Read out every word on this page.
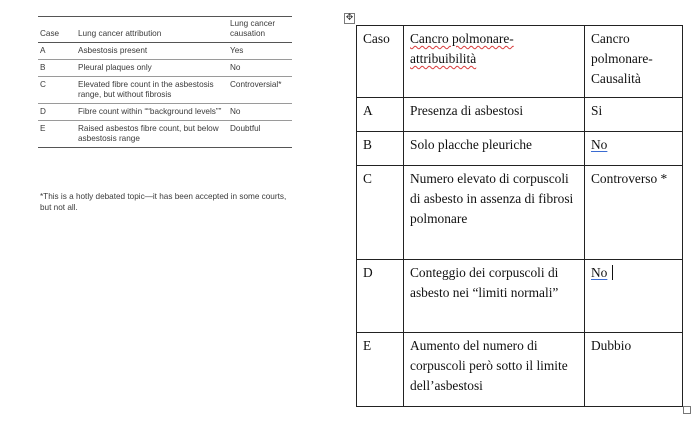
Case	Lung cancer attribution	Lung cancer causation
A	Asbestosis present	Yes
B	Pleural plaques only	No
C	Elevated fibre count in the asbestosis range, but without fibrosis	Controversial*
D	Fibre count within ““background levels””	No
E	Raised asbestos fibre count, but below asbestosis range	Doubtful
*This is a hotly debated topic—it has been accepted in some courts, but not all.
✥
Caso	Cancro polmonare-attribuibilità	Cancro polmonare-Causalità
A	Presenza di asbestosi	Si
B	Solo placche pleuriche	No
C	Numero elevato di corpuscoli di asbesto in assenza di fibrosi polmonare	Controverso *
D	Conteggio dei corpuscoli di asbesto nei “limiti normali”	No
E	Aumento del numero di corpuscoli però sotto il limite dell’asbestosi	Dubbio
